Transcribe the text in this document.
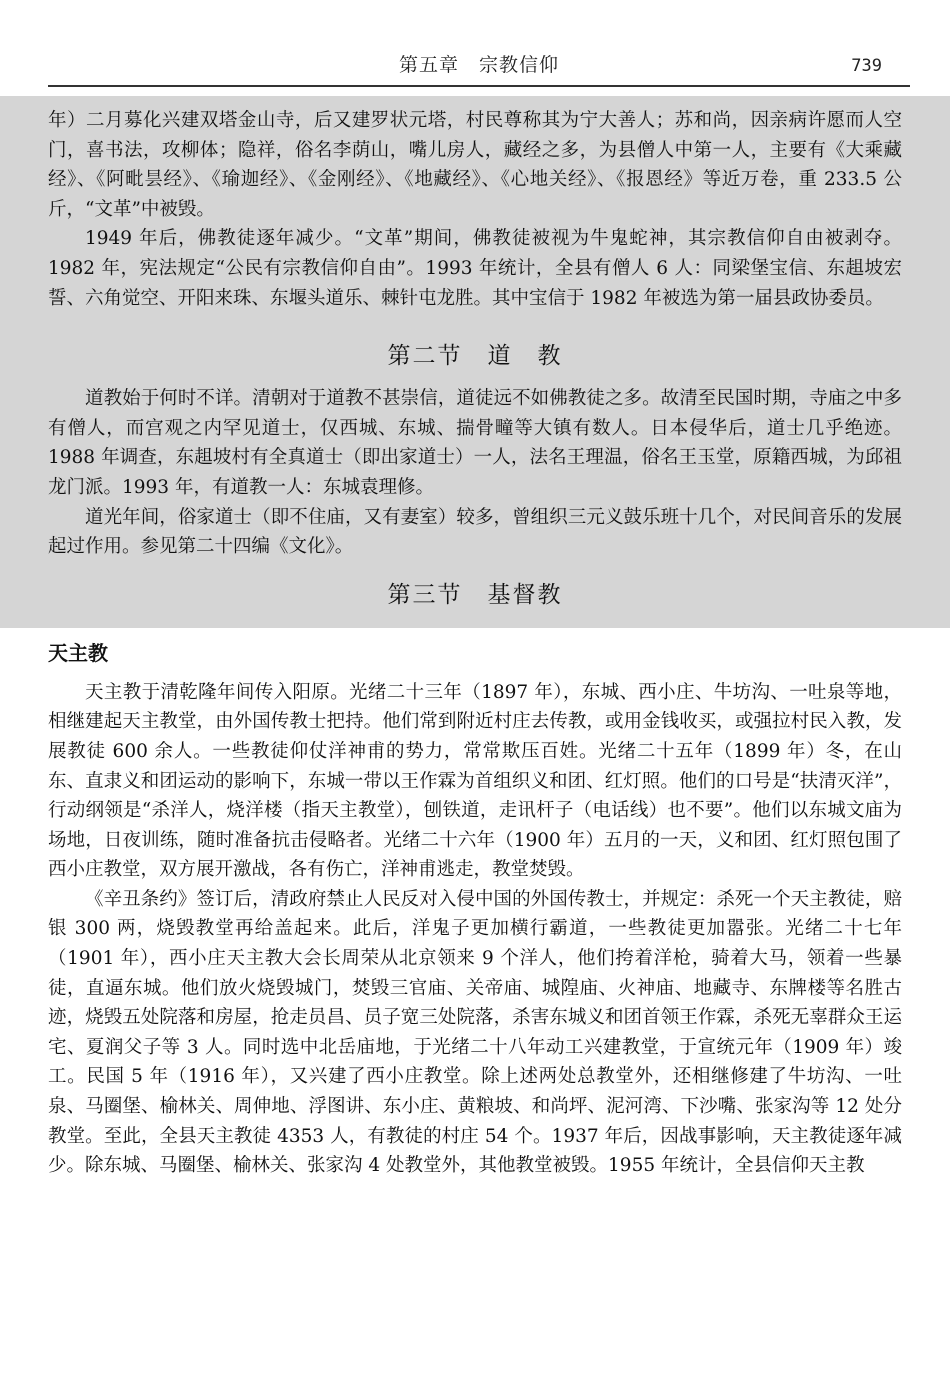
第五章　宗教信仰	739

年）二月募化兴建双塔金山寺，后又建罗状元塔，村民尊称其为宁大善人；苏和尚，因亲病许愿而人空门，喜书法，攻柳体；隐祥，俗名李荫山，嘴儿房人，藏经之多，为县僧人中第一人，主要有《大乘藏经》、《阿毗昙经》、《瑜迦经》、《金刚经》、《地藏经》、《心地关经》、《报恩经》等近万卷，重 233.5 公斤，“文革”中被毁。

1949 年后，佛教徒逐年减少。“文革”期间，佛教徒被视为牛鬼蛇神，其宗教信仰自由被剥夺。1982 年，宪法规定“公民有宗教信仰自由”。1993 年统计，全县有僧人 6 人：同梁堡宝信、东趄坡宏誓、六角觉空、开阳来珠、东堰头道乐、棘针屯龙胜。其中宝信于 1982 年被选为第一届县政协委员。

第二节　道　教

道教始于何时不详。清朝对于道教不甚崇信，道徒远不如佛教徒之多。故清至民国时期，寺庙之中多有僧人，而宫观之内罕见道士，仅西城、东城、揣骨疃等大镇有数人。日本侵华后，道士几乎绝迹。1988 年调查，东趄坡村有全真道士（即出家道士）一人，法名王理温，俗名王玉堂，原籍西城，为邱祖龙门派。1993 年，有道教一人：东城袁理修。

道光年间，俗家道士（即不住庙，又有妻室）较多，曾组织三元义鼓乐班十几个，对民间音乐的发展起过作用。参见第二十四编《文化》。

第三节　基督教
天主教

天主教于清乾隆年间传入阳原。光绪二十三年（1897 年），东城、西小庄、牛坊沟、一吐泉等地，相继建起天主教堂，由外国传教士把持。他们常到附近村庄去传教，或用金钱收买，或强拉村民入教，发展教徒 600 余人。一些教徒仰仗洋神甫的势力，常常欺压百姓。光绪二十五年（1899 年）冬，在山东、直隶义和团运动的影响下，东城一带以王作霖为首组织义和团、红灯照。他们的口号是“扶清灭洋”，行动纲领是“杀洋人，烧洋楼（指天主教堂），刨铁道，走讯杆子（电话线）也不要”。他们以东城文庙为场地，日夜训练，随时准备抗击侵略者。光绪二十六年（1900 年）五月的一天，义和团、红灯照包围了西小庄教堂，双方展开激战，各有伤亡，洋神甫逃走，教堂焚毁。

《辛丑条约》签订后，清政府禁止人民反对入侵中国的外国传教士，并规定：杀死一个天主教徒，赔银 300 两，烧毁教堂再给盖起来。此后，洋鬼子更加横行霸道，一些教徒更加嚣张。光绪二十七年（1901 年），西小庄天主教大会长周荣从北京领来 9 个洋人，他们挎着洋枪，骑着大马，领着一些暴徒，直逼东城。他们放火烧毁城门，焚毁三官庙、关帝庙、城隍庙、火神庙、地藏寺、东牌楼等名胜古迹，烧毁五处院落和房屋，抢走员昌、员子宽三处院落，杀害东城义和团首领王作霖，杀死无辜群众王运宅、夏润父子等 3 人。同时选中北岳庙地，于光绪二十八年动工兴建教堂，于宣统元年（1909 年）竣工。民国 5 年（1916 年），又兴建了西小庄教堂。除上述两处总教堂外，还相继修建了牛坊沟、一吐泉、马圈堡、榆林关、周伸地、浮图讲、东小庄、黄粮坡、和尚坪、泥河湾、下沙嘴、张家沟等 12 处分教堂。至此，全县天主教徒 4353 人，有教徒的村庄 54 个。1937 年后，因战事影响，天主教徒逐年减少。除东城、马圈堡、榆林关、张家沟 4 处教堂外，其他教堂被毁。1955 年统计，全县信仰天主教
